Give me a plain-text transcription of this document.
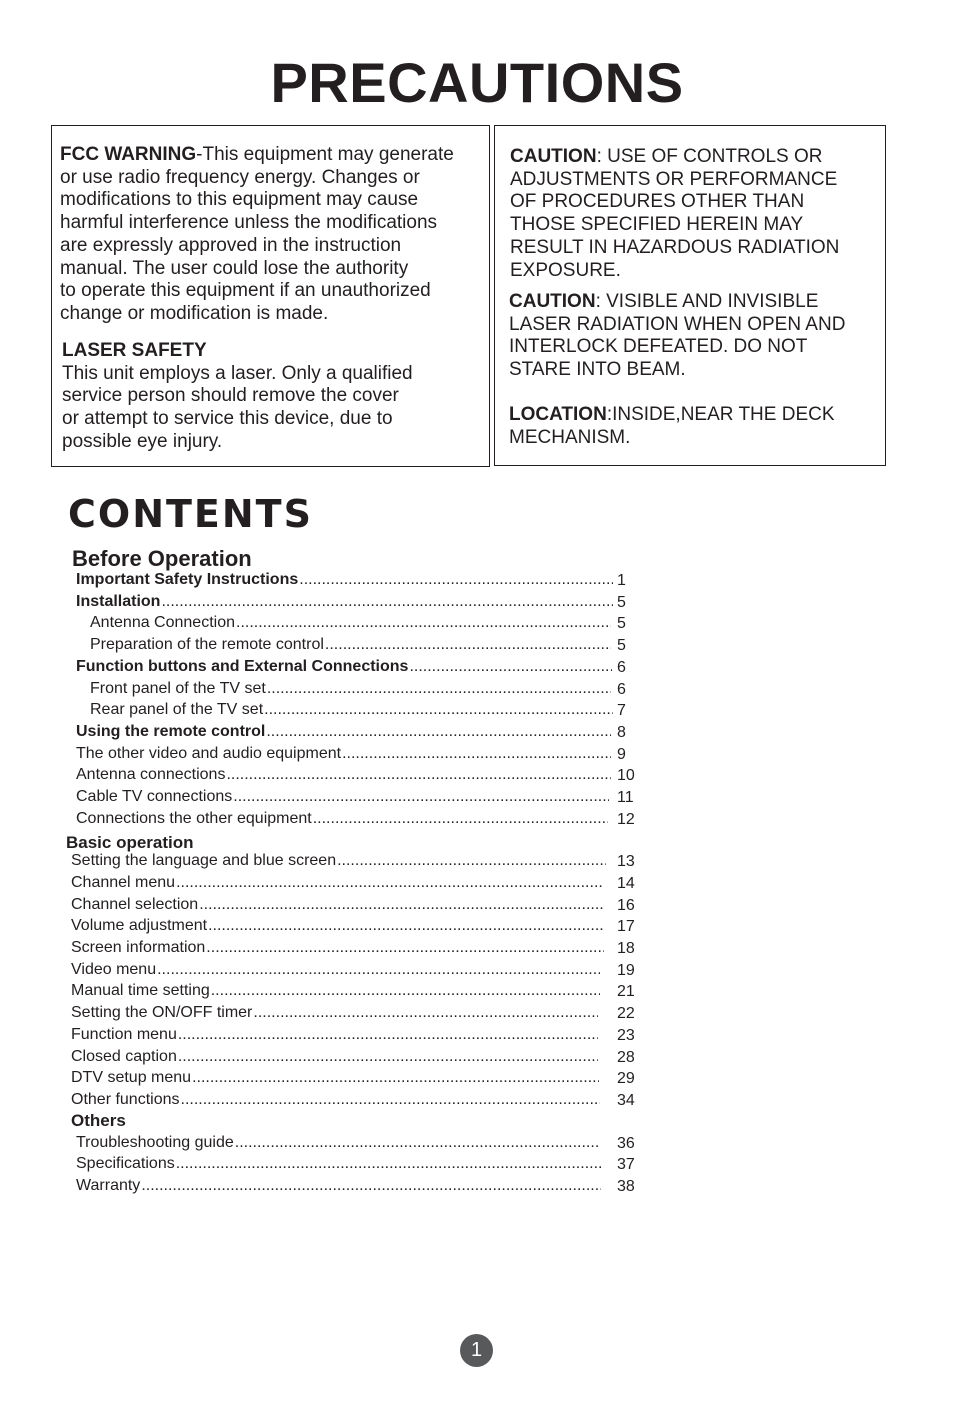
PRECAUTIONS
FCC WARNING-This equipment may generate
or use radio frequency energy. Changes or
modifications to this equipment may cause
harmful interference unless the modifications
are expressly approved in the instruction
manual. The user could lose the authority
to operate this equipment if an unauthorized
change or modification is made.
LASER SAFETY
This unit employs a laser. Only a qualified
service person should remove the cover
or attempt to service this device, due to
possible eye injury.
CAUTION: USE OF CONTROLS OR
ADJUSTMENTS OR PERFORMANCE
OF PROCEDURES OTHER THAN
THOSE SPECIFIED HEREIN MAY
RESULT IN HAZARDOUS RADIATION
EXPOSURE.
CAUTION: VISIBLE AND INVISIBLE
LASER RADIATION WHEN OPEN AND
INTERLOCK DEFEATED. DO NOT
STARE INTO BEAM.
LOCATION:INSIDE,NEAR THE DECK
MECHANISM.
CONTENTS
Before Operation
Important Safety Instructions .....	1
Installation .....	5
Antenna Connection .....	5
Preparation of the remote control .....	5
Function buttons and External Connections .....	6
Front panel of the TV set .....	6
Rear panel of the TV set .....	7
Using the remote control .....	8
The other video and audio equipment .....	9
Antenna connections .....	10
Cable TV connections .....	11
Connections the other equipment .....	12
Basic operation
Setting the language and blue screen .....	13
Channel menu .....	14
Channel selection .....	16
Volume adjustment .....	17
Screen information .....	18
Video menu .....	19
Manual time setting .....	21
Setting the ON/OFF timer .....	22
Function menu .....	23
Closed caption .....	28
DTV setup menu .....	29
Other functions .....	34
Others
Troubleshooting guide .....	36
Specifications .....	37
Warranty .....	38
1
